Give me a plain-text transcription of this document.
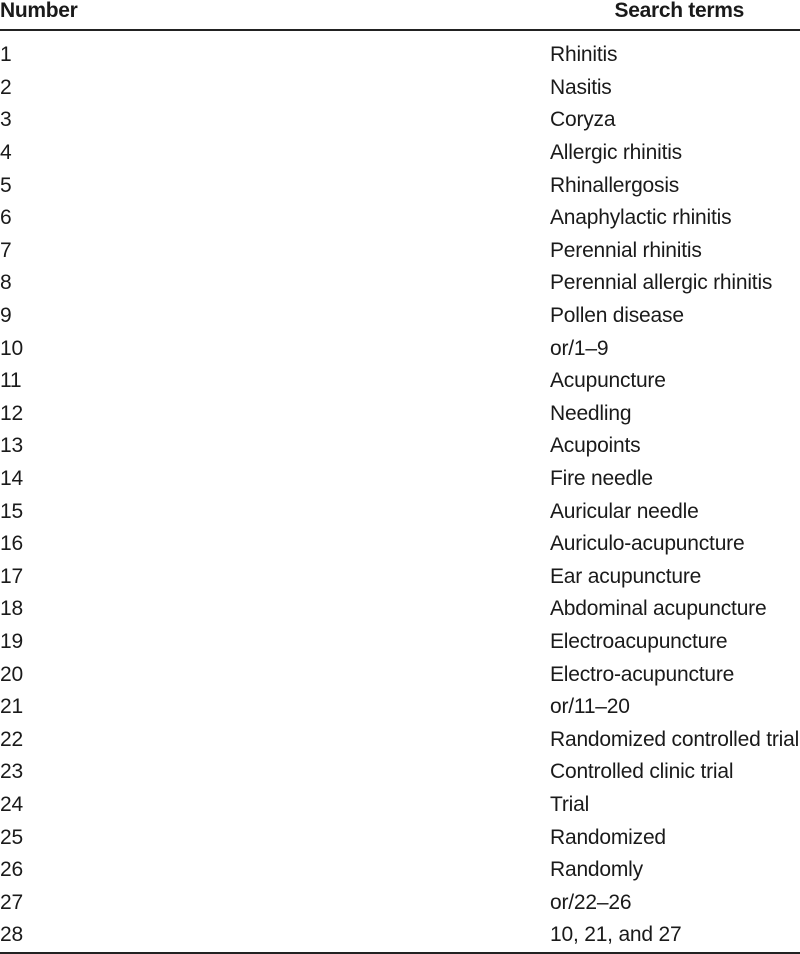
Number	Search terms
1	Rhinitis
2	Nasitis
3	Coryza
4	Allergic rhinitis
5	Rhinallergosis
6	Anaphylactic rhinitis
7	Perennial rhinitis
8	Perennial allergic rhinitis
9	Pollen disease
10	or/1–9
11	Acupuncture
12	Needling
13	Acupoints
14	Fire needle
15	Auricular needle
16	Auriculo-acupuncture
17	Ear acupuncture
18	Abdominal acupuncture
19	Electroacupuncture
20	Electro-acupuncture
21	or/11–20
22	Randomized controlled trial
23	Controlled clinic trial
24	Trial
25	Randomized
26	Randomly
27	or/22–26
28	10, 21, and 27
